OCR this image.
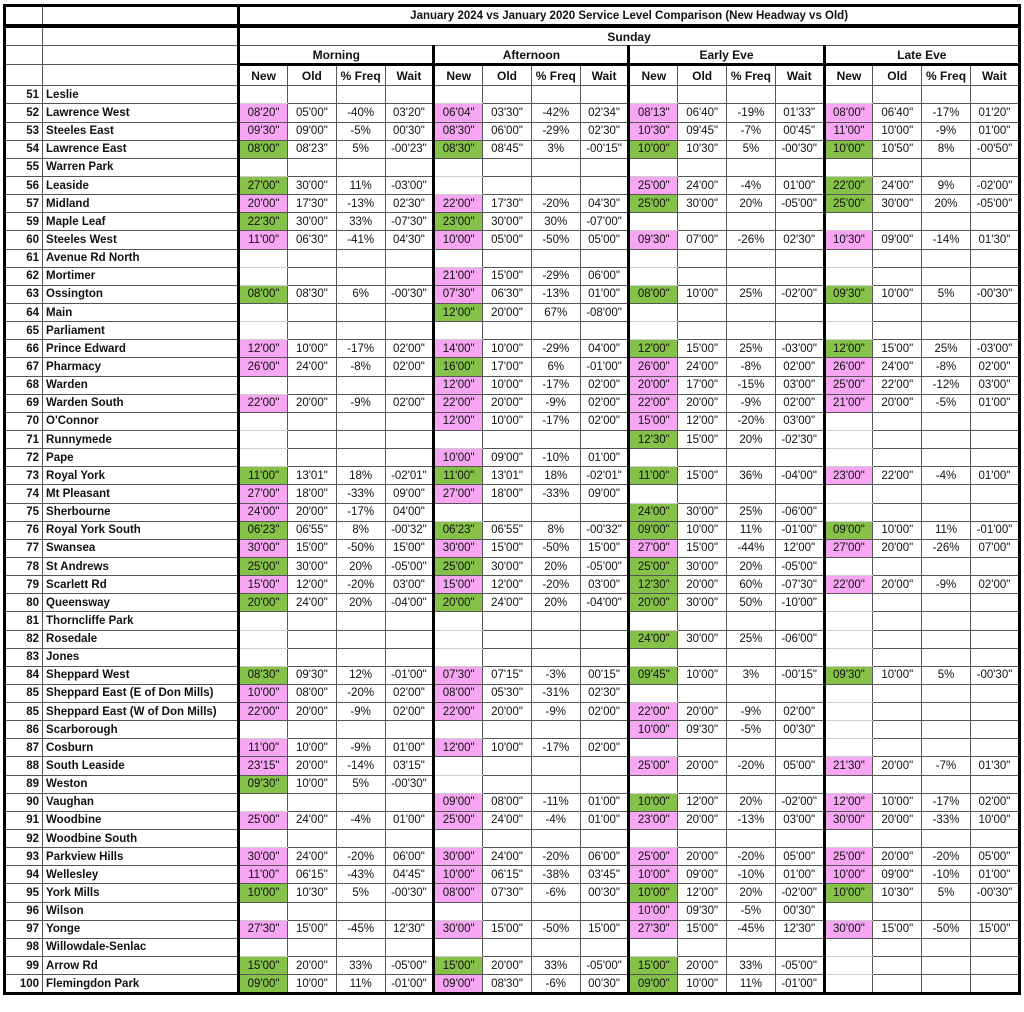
		January 2024 vs January 2020 Service Level Comparison (New Headway vs Old)															
		Sunday															
		Morning				Afternoon				Early Eve				Late Eve			
		New	Old	% Freq	Wait	New	Old	% Freq	Wait	New	Old	% Freq	Wait	New	Old	% Freq	Wait
51	Leslie																
52	Lawrence West	08'20"	05'00"	-40%	03'20"	06'04"	03'30"	-42%	02'34"	08'13"	06'40"	-19%	01'33"	08'00"	06'40"	-17%	01'20"
53	Steeles East	09'30"	09'00"	-5%	00'30"	08'30"	06'00"	-29%	02'30"	10'30"	09'45"	-7%	00'45"	11'00"	10'00"	-9%	01'00"
54	Lawrence East	08'00"	08'23"	5%	-00'23"	08'30"	08'45"	3%	-00'15"	10'00"	10'30"	5%	-00'30"	10'00"	10'50"	8%	-00'50"
55	Warren Park																
56	Leaside	27'00"	30'00"	11%	-03'00"					25'00"	24'00"	-4%	01'00"	22'00"	24'00"	9%	-02'00"
57	Midland	20'00"	17'30"	-13%	02'30"	22'00"	17'30"	-20%	04'30"	25'00"	30'00"	20%	-05'00"	25'00"	30'00"	20%	-05'00"
59	Maple Leaf	22'30"	30'00"	33%	-07'30"	23'00"	30'00"	30%	-07'00"								
60	Steeles West	11'00"	06'30"	-41%	04'30"	10'00"	05'00"	-50%	05'00"	09'30"	07'00"	-26%	02'30"	10'30"	09'00"	-14%	01'30"
61	Avenue Rd North																
62	Mortimer					21'00"	15'00"	-29%	06'00"								
63	Ossington	08'00"	08'30"	6%	-00'30"	07'30"	06'30"	-13%	01'00"	08'00"	10'00"	25%	-02'00"	09'30"	10'00"	5%	-00'30"
64	Main					12'00"	20'00"	67%	-08'00"								
65	Parliament																
66	Prince Edward	12'00"	10'00"	-17%	02'00"	14'00"	10'00"	-29%	04'00"	12'00"	15'00"	25%	-03'00"	12'00"	15'00"	25%	-03'00"
67	Pharmacy	26'00"	24'00"	-8%	02'00"	16'00"	17'00"	6%	-01'00"	26'00"	24'00"	-8%	02'00"	26'00"	24'00"	-8%	02'00"
68	Warden					12'00"	10'00"	-17%	02'00"	20'00"	17'00"	-15%	03'00"	25'00"	22'00"	-12%	03'00"
69	Warden South	22'00"	20'00"	-9%	02'00"	22'00"	20'00"	-9%	02'00"	22'00"	20'00"	-9%	02'00"	21'00"	20'00"	-5%	01'00"
70	O'Connor					12'00"	10'00"	-17%	02'00"	15'00"	12'00"	-20%	03'00"				
71	Runnymede									12'30"	15'00"	20%	-02'30"				
72	Pape					10'00"	09'00"	-10%	01'00"								
73	Royal York	11'00"	13'01"	18%	-02'01"	11'00"	13'01"	18%	-02'01"	11'00"	15'00"	36%	-04'00"	23'00"	22'00"	-4%	01'00"
74	Mt Pleasant	27'00"	18'00"	-33%	09'00"	27'00"	18'00"	-33%	09'00"								
75	Sherbourne	24'00"	20'00"	-17%	04'00"					24'00"	30'00"	25%	-06'00"				
76	Royal York South	06'23"	06'55"	8%	-00'32"	06'23"	06'55"	8%	-00'32"	09'00"	10'00"	11%	-01'00"	09'00"	10'00"	11%	-01'00"
77	Swansea	30'00"	15'00"	-50%	15'00"	30'00"	15'00"	-50%	15'00"	27'00"	15'00"	-44%	12'00"	27'00"	20'00"	-26%	07'00"
78	St Andrews	25'00"	30'00"	20%	-05'00"	25'00"	30'00"	20%	-05'00"	25'00"	30'00"	20%	-05'00"				
79	Scarlett Rd	15'00"	12'00"	-20%	03'00"	15'00"	12'00"	-20%	03'00"	12'30"	20'00"	60%	-07'30"	22'00"	20'00"	-9%	02'00"
80	Queensway	20'00"	24'00"	20%	-04'00"	20'00"	24'00"	20%	-04'00"	20'00"	30'00"	50%	-10'00"				
81	Thorncliffe Park																
82	Rosedale									24'00"	30'00"	25%	-06'00"				
83	Jones																
84	Sheppard West	08'30"	09'30"	12%	-01'00"	07'30"	07'15"	-3%	00'15"	09'45"	10'00"	3%	-00'15"	09'30"	10'00"	5%	-00'30"
85	Sheppard East (E of Don Mills)	10'00"	08'00"	-20%	02'00"	08'00"	05'30"	-31%	02'30"								
85	Sheppard East (W of Don Mills)	22'00"	20'00"	-9%	02'00"	22'00"	20'00"	-9%	02'00"	22'00"	20'00"	-9%	02'00"				
86	Scarborough									10'00"	09'30"	-5%	00'30"				
87	Cosburn	11'00"	10'00"	-9%	01'00"	12'00"	10'00"	-17%	02'00"								
88	South Leaside	23'15"	20'00"	-14%	03'15"					25'00"	20'00"	-20%	05'00"	21'30"	20'00"	-7%	01'30"
89	Weston	09'30"	10'00"	5%	-00'30"												
90	Vaughan					09'00"	08'00"	-11%	01'00"	10'00"	12'00"	20%	-02'00"	12'00"	10'00"	-17%	02'00"
91	Woodbine	25'00"	24'00"	-4%	01'00"	25'00"	24'00"	-4%	01'00"	23'00"	20'00"	-13%	03'00"	30'00"	20'00"	-33%	10'00"
92	Woodbine South																
93	Parkview Hills	30'00"	24'00"	-20%	06'00"	30'00"	24'00"	-20%	06'00"	25'00"	20'00"	-20%	05'00"	25'00"	20'00"	-20%	05'00"
94	Wellesley	11'00"	06'15"	-43%	04'45"	10'00"	06'15"	-38%	03'45"	10'00"	09'00"	-10%	01'00"	10'00"	09'00"	-10%	01'00"
95	York Mills	10'00"	10'30"	5%	-00'30"	08'00"	07'30"	-6%	00'30"	10'00"	12'00"	20%	-02'00"	10'00"	10'30"	5%	-00'30"
96	Wilson									10'00"	09'30"	-5%	00'30"				
97	Yonge	27'30"	15'00"	-45%	12'30"	30'00"	15'00"	-50%	15'00"	27'30"	15'00"	-45%	12'30"	30'00"	15'00"	-50%	15'00"
98	Willowdale-Senlac																
99	Arrow Rd	15'00"	20'00"	33%	-05'00"	15'00"	20'00"	33%	-05'00"	15'00"	20'00"	33%	-05'00"				
100	Flemingdon Park	09'00"	10'00"	11%	-01'00"	09'00"	08'30"	-6%	00'30"	09'00"	10'00"	11%	-01'00"				
